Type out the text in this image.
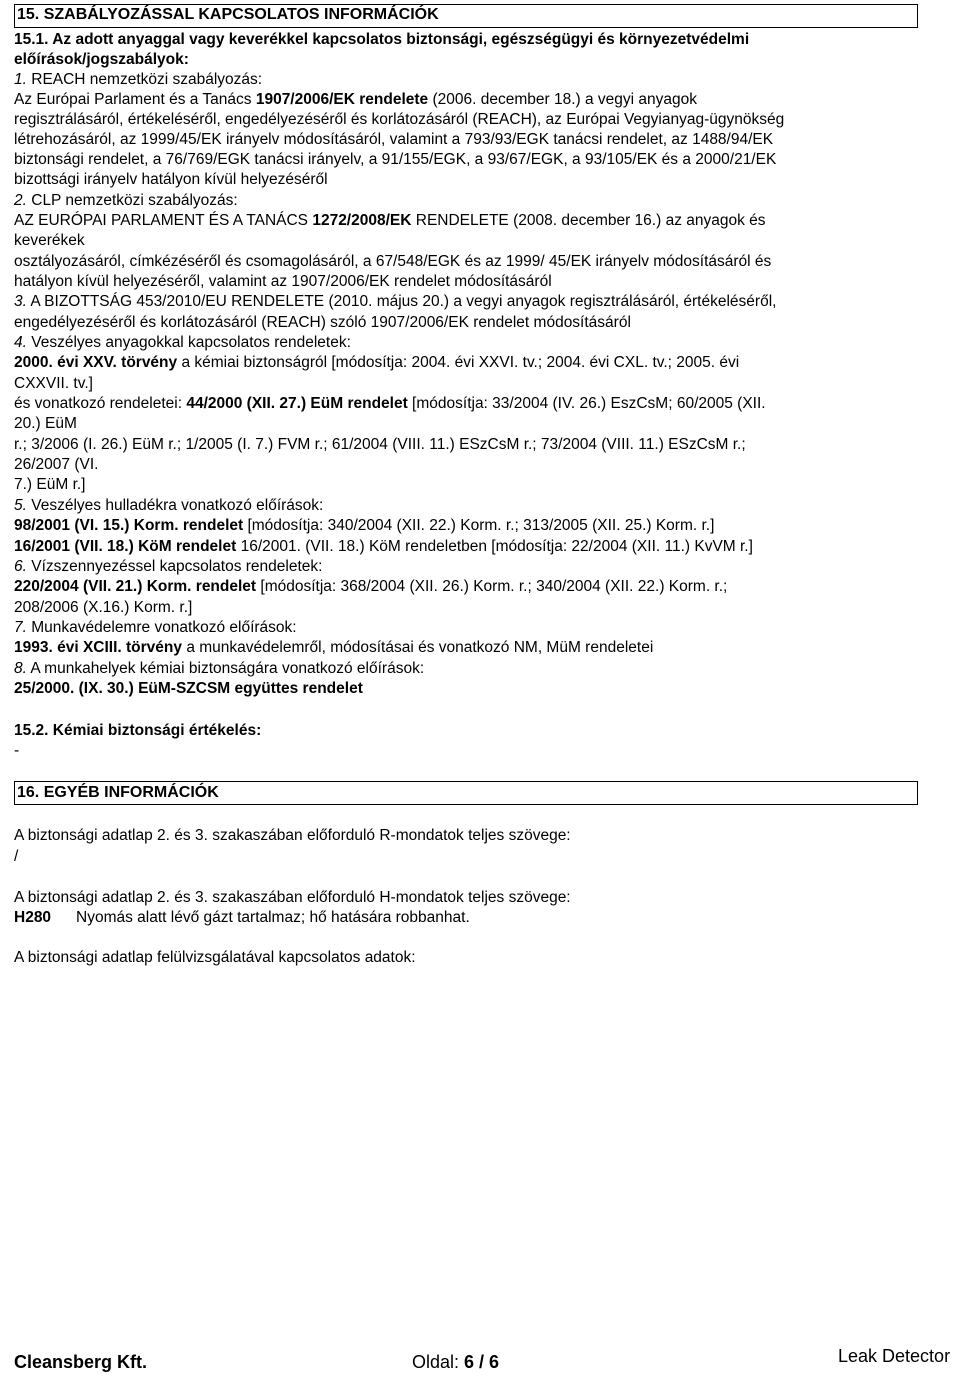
15. SZABÁLYOZÁSSAL KAPCSOLATOS INFORMÁCIÓK
15.1. Az adott anyaggal vagy keverékkel kapcsolatos biztonsági, egészségügyi és környezetvédelmi
előírások/jogszabályok:
1. REACH nemzetközi szabályozás:
Az Európai Parlament és a Tanács 1907/2006/EK rendelete (2006. december 18.) a vegyi anyagok
regisztrálásáról, értékeléséről, engedélyezéséről és korlátozásáról (REACH), az Európai Vegyianyag-ügynökség
létrehozásáról, az 1999/45/EK irányelv módosításáról, valamint a 793/93/EGK tanácsi rendelet, az 1488/94/EK
biztonsági rendelet, a 76/769/EGK tanácsi irányelv, a 91/155/EGK, a 93/67/EGK, a 93/105/EK és a 2000/21/EK
bizottsági irányelv hatályon kívül helyezéséről
2. CLP nemzetközi szabályozás:
AZ EURÓPAI PARLAMENT ÉS A TANÁCS 1272/2008/EK RENDELETE (2008. december 16.) az anyagok és
keverékek
osztályozásáról, címkézéséről és csomagolásáról, a 67/548/EGK és az 1999/ 45/EK irányelv módosításáról és
hatályon kívül helyezéséről, valamint az 1907/2006/EK rendelet módosításáról
3. A BIZOTTSÁG 453/2010/EU RENDELETE (2010. május 20.) a vegyi anyagok regisztrálásáról, értékeléséről,
engedélyezéséről és korlátozásáról (REACH) szóló 1907/2006/EK rendelet módosításáról
4. Veszélyes anyagokkal kapcsolatos rendeletek:
2000. évi XXV. törvény a kémiai biztonságról [módosítja: 2004. évi XXVI. tv.; 2004. évi CXL. tv.; 2005. évi
CXXVII. tv.]
és vonatkozó rendeletei: 44/2000 (XII. 27.) EüM rendelet [módosítja: 33/2004 (IV. 26.) EszCsM; 60/2005 (XII.
20.) EüM
r.; 3/2006 (I. 26.) EüM r.; 1/2005 (I. 7.) FVM r.; 61/2004 (VIII. 11.) ESzCsM r.; 73/2004 (VIII. 11.) ESzCsM r.;
26/2007 (VI.
7.) EüM r.]
5. Veszélyes hulladékra vonatkozó előírások:
98/2001 (VI. 15.) Korm. rendelet [módosítja: 340/2004 (XII. 22.) Korm. r.; 313/2005 (XII. 25.) Korm. r.]
16/2001 (VII. 18.) KöM rendelet 16/2001. (VII. 18.) KöM rendeletben [módosítja: 22/2004 (XII. 11.) KvVM r.]
6. Vízszennyezéssel kapcsolatos rendeletek:
220/2004 (VII. 21.) Korm. rendelet [módosítja: 368/2004 (XII. 26.) Korm. r.; 340/2004 (XII. 22.) Korm. r.;
208/2006 (X.16.) Korm. r.]
7. Munkavédelemre vonatkozó előírások:
1993. évi XCIII. törvény a munkavédelemről, módosításai és vonatkozó NM, MüM rendeletei
8. A munkahelyek kémiai biztonságára vonatkozó előírások:
25/2000. (IX. 30.) EüM-SZCSM együttes rendelet
15.2. Kémiai biztonsági értékelés:
-
16. EGYÉB INFORMÁCIÓK
A biztonsági adatlap 2. és 3. szakaszában előforduló R-mondatok teljes szövege:
/
A biztonsági adatlap 2. és 3. szakaszában előforduló H-mondatok teljes szövege:
H280 Nyomás alatt lévő gázt tartalmaz; hő hatására robbanhat.
A biztonsági adatlap felülvizsgálatával kapcsolatos adatok:
Cleansberg Kft.	Oldal: 6 / 6	Leak Detector
